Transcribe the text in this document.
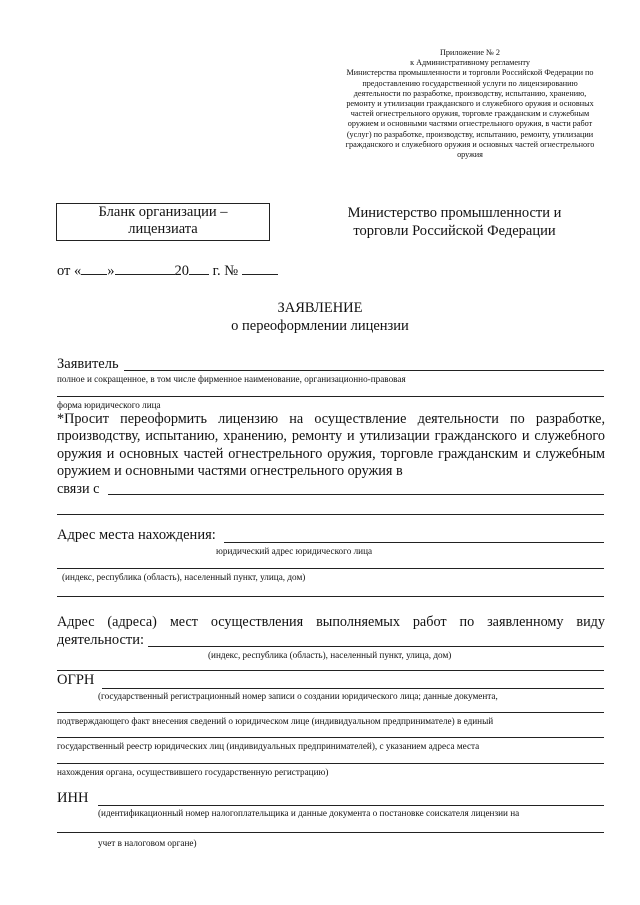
Приложение № 2
к Административному регламенту
Министерства промышленности и торговли Российской Федерации по
предоставлению государственной услуги по лицензированию
деятельности по разработке, производству, испытанию, хранению,
ремонту и утилизации гражданского и служебного оружия и основных
частей огнестрельного оружия, торговле гражданским и служебным
оружием и основными частями огнестрельного оружия, в части работ
(услуг) по разработке, производству, испытанию, ремонту, утилизации
гражданского и служебного оружия и основных частей огнестрельного
оружия
Бланк организации –
лицензиата
Министерство промышленности и
торговли Российской Федерации
от « »	20 г. №
ЗАЯВЛЕНИЕ
о переоформлении лицензии
Заявитель
полное и сокращенное, в том числе фирменное наименование, организационно-правовая
форма юридического лица
*Просит переоформить лицензию на осуществление деятельности по разработке, производству, испытанию, хранению, ремонту и утилизации гражданского и служебного оружия и основных частей огнестрельного оружия, торговле гражданским и служебным оружием и основными частями огнестрельного оружия в
связи с
Адрес места нахождения:
юридический адрес юридического лица
(индекс, республика (область), населенный пункт, улица, дом)
Адрес (адреса) мест осуществления выполняемых работ по заявленному виду
деятельности:
(индекс, республика (область), населенный пункт, улица, дом)
ОГРН
(государственный регистрационный номер записи о создании юридического лица; данные документа,
подтверждающего факт внесения сведений о юридическом лице (индивидуальном предпринимателе) в единый
государственный реестр юридических лиц (индивидуальных предпринимателей), с указанием адреса места
нахождения органа, осуществившего государственную регистрацию)
ИНН
(идентификационный номер налогоплательщика и данные документа о постановке соискателя лицензии на
учет в налоговом органе)
